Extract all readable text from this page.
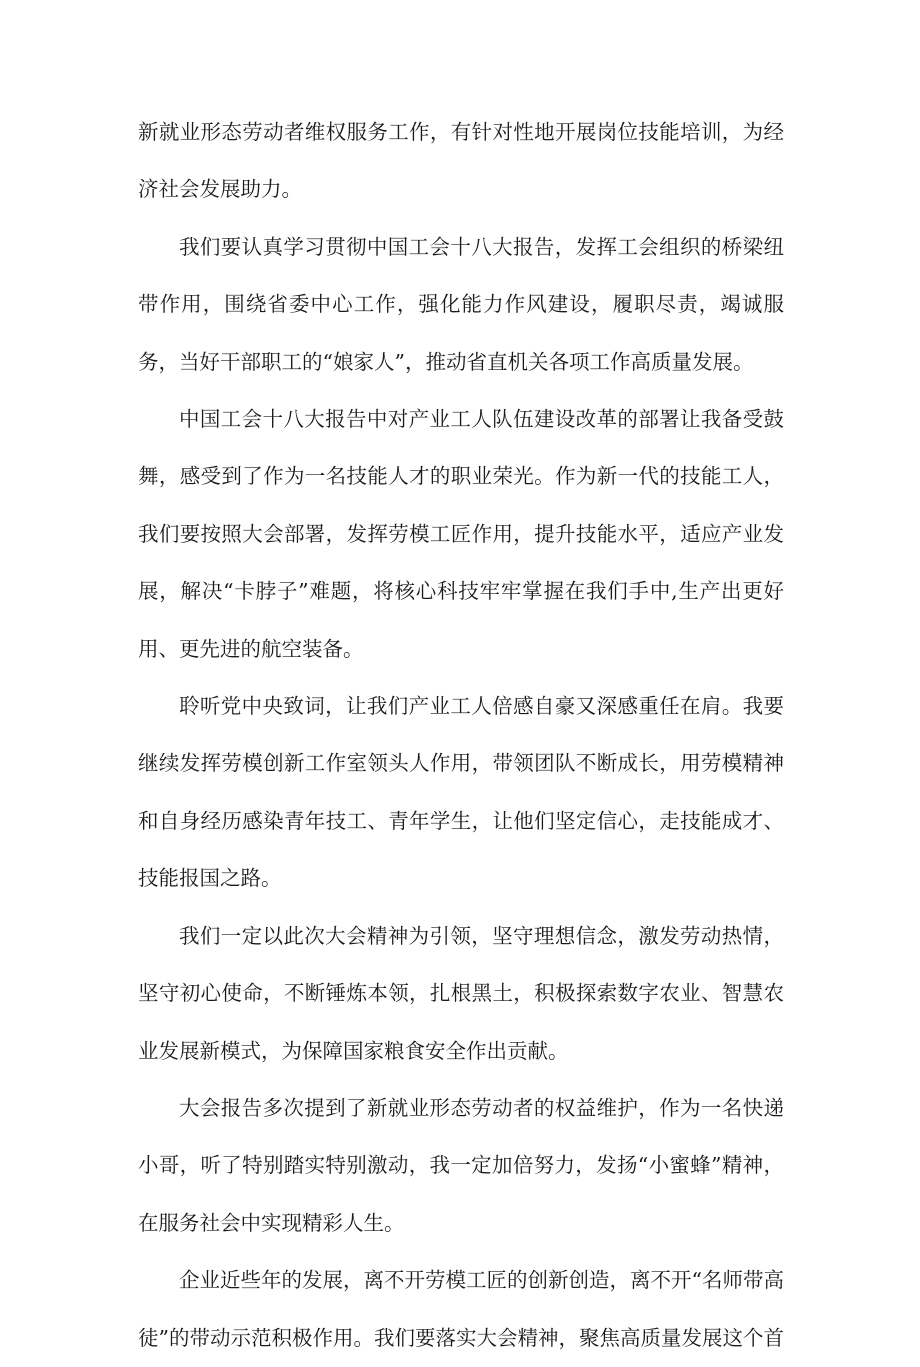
新就业形态劳动者维权服务工作，有针对性地开展岗位技能培训，为经济社会发展助力。

我们要认真学习贯彻中国工会十八大报告，发挥工会组织的桥梁纽带作用，围绕省委中心工作，强化能力作风建设，履职尽责，竭诚服务，当好干部职工的“娘家人”，推动省直机关各项工作高质量发展。

中国工会十八大报告中对产业工人队伍建设改革的部署让我备受鼓舞，感受到了作为一名技能人才的职业荣光。作为新一代的技能工人，我们要按照大会部署，发挥劳模工匠作用，提升技能水平，适应产业发展，解决“卡脖子”难题，将核心科技牢牢掌握在我们手中,生产出更好用、更先进的航空装备。

聆听党中央致词，让我们产业工人倍感自豪又深感重任在肩。我要继续发挥劳模创新工作室领头人作用，带领团队不断成长，用劳模精神和自身经历感染青年技工、青年学生，让他们坚定信心，走技能成才、技能报国之路。

我们一定以此次大会精神为引领，坚守理想信念，激发劳动热情，坚守初心使命，不断锤炼本领，扎根黑土，积极探索数字农业、智慧农业发展新模式，为保障国家粮食安全作出贡献。

大会报告多次提到了新就业形态劳动者的权益维护，作为一名快递小哥，听了特别踏实特别激动，我一定加倍努力，发扬“小蜜蜂”精神，在服务社会中实现精彩人生。

企业近些年的发展，离不开劳模工匠的创新创造，离不开“名师带高徒”的带动示范积极作用。我们要落实大会精神，聚焦高质量发展这个首
